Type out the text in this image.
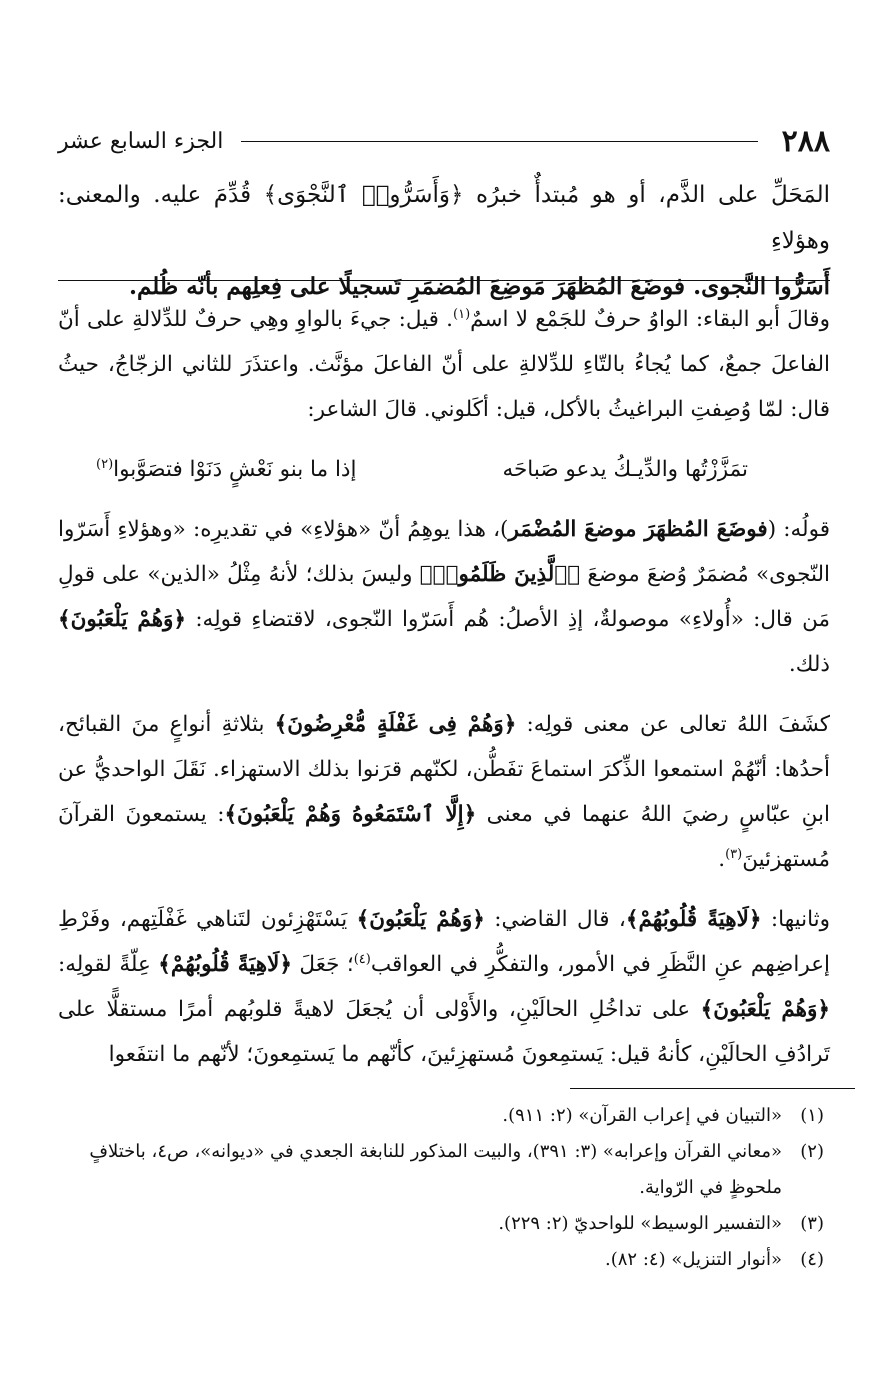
٢٨٨
الجزء السابع عشر

المَحَلِّ على الذَّم، أو هو مُبتدأٌ خبرُه ﴿وَأَسَرُّوا۟ ٱلنَّجْوَى﴾ قُدِّمَ عليه. والمعنى: وهؤلاءِ

أَسَرُّوا النَّجوى. فوضَعَ المُظهَرَ مَوضِعَ المُضمَرِ تَسجيلًا على فِعلِهم بأنّه ظُلم.

وقالَ أبو البقاء: الواوُ حرفٌ للجَمْع لا اسمٌ$^{(١)}$. قيل: جيءَ بالواوِ وهِي حرفٌ للدِّلالةِ على أنّ الفاعلَ جمعٌ، كما يُجاءُ بالتّاءِ للدِّلالةِ على أنّ الفاعلَ مؤنَّث. واعتذَرَ للثاني الزجّاجُ، حيثُ قال: لمّا وُصِفتِ البراغيثُ بالأكل، قيل: أكَلوني. قالَ الشاعر:

تمَزَّزْتُها والدِّيـكُ يدعو صَباحَه
إذا ما بنو نَعْشٍ دَنَوْا فتصَوَّبوا$^{(٢)}$

قولُه: (فوضَعَ المُظهَرَ موضعَ المُضْمَر)، هذا يوهِمُ أنّ «هؤلاءِ» في تقديرِه: «وهؤلاءِ أَسَرّوا النّجوى» مُضمَرٌ وُضعَ موضعَ ﴿ٱلَّذِينَ ظَلَمُوا۟﴾ وليسَ بذلك؛ لأنهُ مِثْلُ «الذين» على قولِ مَن قال: «أُولاءِ» موصولةٌ، إذِ الأصلُ: هُم أَسَرّوا النّجوى، لاقتضاءِ قولِه: ﴿وَهُمْ يَلْعَبُونَ﴾ ذلك.

كشَفَ اللهُ تعالى عن معنى قولِه: ﴿وَهُمْ فِى غَفْلَةٍ مُّعْرِضُونَ﴾ بثلاثةِ أنواعٍ منَ القبائح، أحدُها: أنّهُمْ استمعوا الذِّكرَ استماعَ تفَطُّن، لكنّهم قرَنوا بذلك الاستهزاء. نَقَلَ الواحديُّ عن ابنِ عبّاسٍ رضيَ اللهُ عنهما في معنى ﴿إِلَّا ٱسْتَمَعُوهُ وَهُمْ يَلْعَبُونَ﴾: يستمعونَ القرآنَ مُستهزئينَ$^{(٣)}$.

وثانيها: ﴿لَاهِيَةً قُلُوبُهُمْ﴾، قال القاضي: ﴿وَهُمْ يَلْعَبُونَ﴾ يَسْتَهْزِئون لتَناهي غَفْلَتِهم، وفَرْطِ إعراضِهم عنِ النَّظَرِ في الأمور، والتفكُّرِ في العواقب$^{(٤)}$؛ جَعَلَ ﴿لَاهِيَةً قُلُوبُهُمْ﴾ عِلّةً لقولِه: ﴿وَهُمْ يَلْعَبُونَ﴾ على تداخُلِ الحالَيْنِ، والأَوْلى أن يُجعَلَ لاهيةً قلوبُهم أمرًا مستقلًّا على تَرادُفِ الحالَيْنِ، كأنهُ قيل: يَستمِعونَ مُستهزِئينَ، كأنّهم ما يَستمِعونَ؛ لأنّهم ما انتفَعوا

(١)«التبيان في إعراب القرآن» (٢: ٩١١).

(٢)«معاني القرآن وإعرابه» (٣: ٣٩١)، والبيت المذكور للنابغة الجعدي في «ديوانه»، ص٤، باختلافٍ
ملحوظٍ في الرّواية.

(٣)«التفسير الوسيط» للواحديّ (٢: ٢٢٩).

(٤)«أنوار التنزيل» (٤: ٨٢).
